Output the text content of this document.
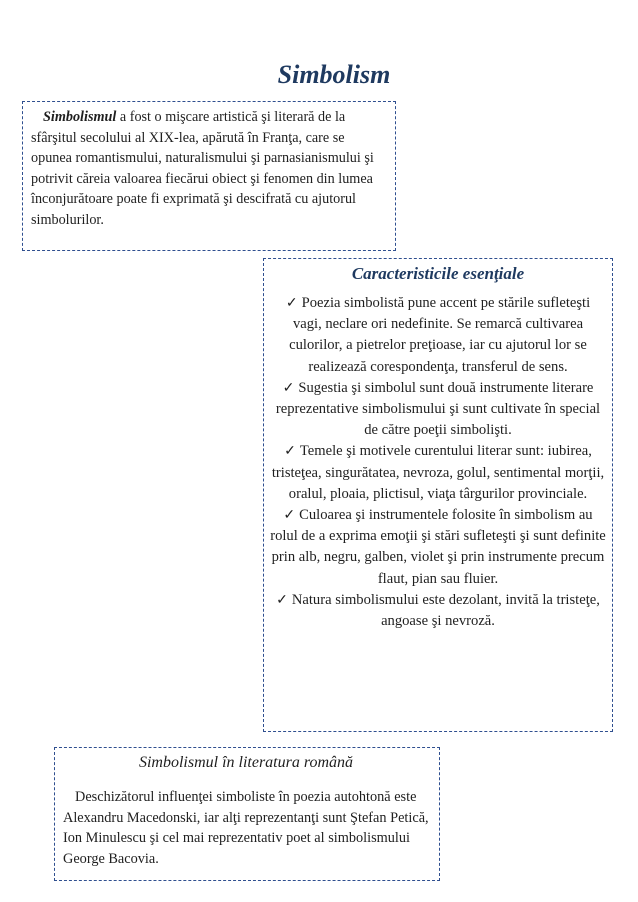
Simbolism

Simbolismul a fost o mişcare artistică şi literară de la sfârşitul secolului al XIX-lea, apărută în Franţa, care se opunea romantismului, naturalismului şi parnasianismului şi potrivit căreia valoarea fiecărui obiect şi fenomen din lumea înconjurătoare poate fi exprimată şi descifrată cu ajutorul simbolurilor.

Caracteristicile esenţiale

✓ Poezia simbolistă pune accent pe stările sufleteşti vagi, neclare ori nedefinite. Se remarcă cultivarea culorilor, a pietrelor preţioase, iar cu ajutorul lor se realizează corespondenţa, transferul de sens.

✓ Sugestia şi simbolul sunt două instrumente literare reprezentative simbolismului şi sunt cultivate în special de către poeţii simbolişti.

✓ Temele şi motivele curentului literar sunt: iubirea, tristeţea, singurătatea, nevroza, golul, sentimental morţii, oralul, ploaia, plictisul, viaţa târgurilor provinciale.

✓ Culoarea şi instrumentele folosite în simbolism au rolul de a exprima emoţii şi stări sufleteşti şi sunt definite prin alb, negru, galben, violet şi prin instrumente precum flaut, pian sau fluier.

✓ Natura simbolismului este dezolant, invită la tristeţe, angoase şi nevroză.

Simbolismul în literatura română

Deschizătorul influenţei simboliste în poezia autohtonă este Alexandru Macedonski, iar alţi reprezentanţi sunt Ştefan Petică, Ion Minulescu şi cel mai reprezentativ poet al simbolismului George Bacovia.
